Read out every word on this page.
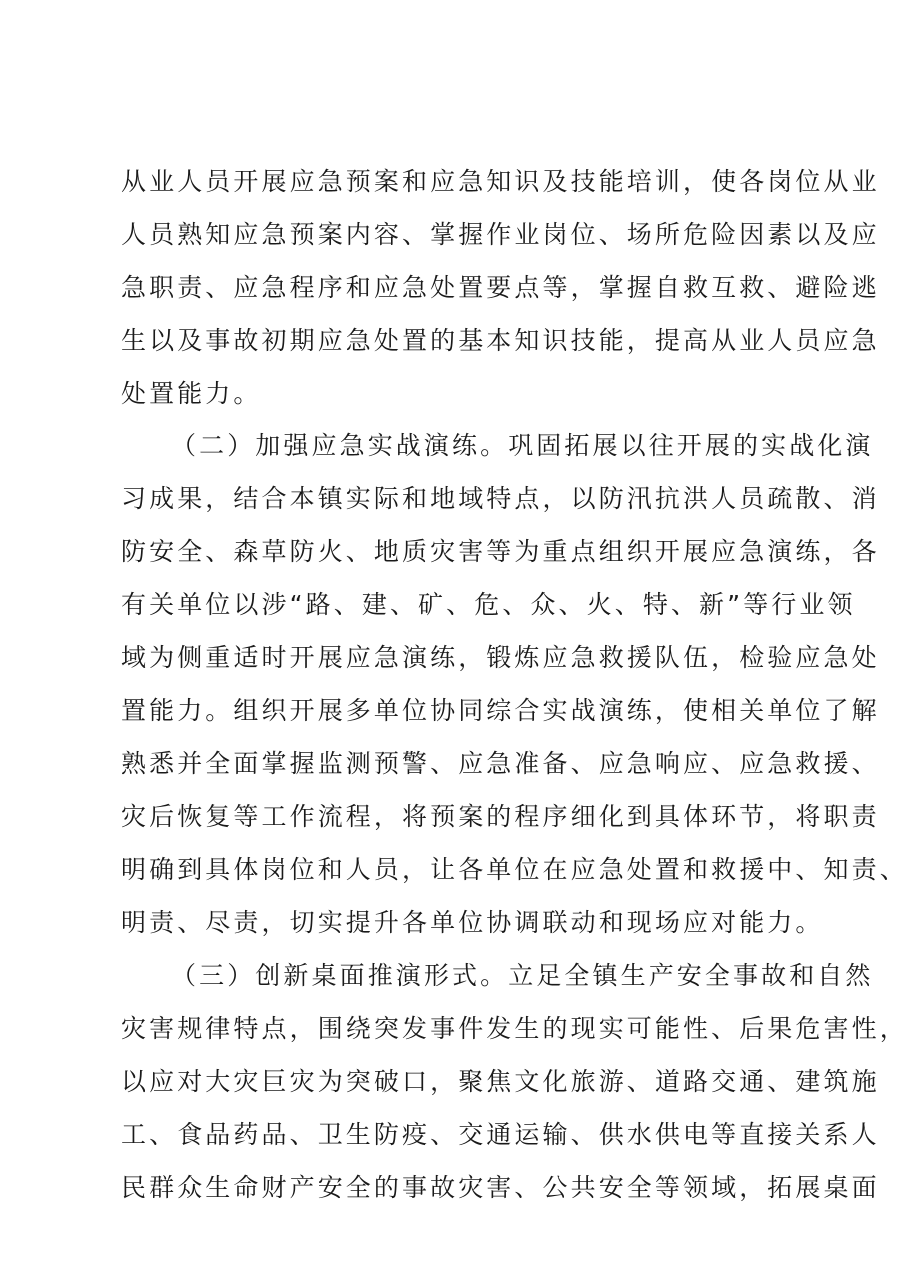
从业人员开展应急预案和应急知识及技能培训，使各岗位从业
人员熟知应急预案内容、掌握作业岗位、场所危险因素以及应
急职责、应急程序和应急处置要点等，掌握自救互救、避险逃
生以及事故初期应急处置的基本知识技能，提高从业人员应急
处置能力。
（二）加强应急实战演练。巩固拓展以往开展的实战化演
习成果，结合本镇实际和地域特点，以防汛抗洪人员疏散、消
防安全、森草防火、地质灾害等为重点组织开展应急演练，各
有关单位以涉“路、建、矿、危、众、火、特、新”等行业领
域为侧重适时开展应急演练，锻炼应急救援队伍，检验应急处
置能力。组织开展多单位协同综合实战演练，使相关单位了解
熟悉并全面掌握监测预警、应急准备、应急响应、应急救援、
灾后恢复等工作流程，将预案的程序细化到具体环节，将职责
明确到具体岗位和人员，让各单位在应急处置和救援中、知责、
明责、尽责，切实提升各单位协调联动和现场应对能力。
（三）创新桌面推演形式。立足全镇生产安全事故和自然
灾害规律特点，围绕突发事件发生的现实可能性、后果危害性，
以应对大灾巨灾为突破口，聚焦文化旅游、道路交通、建筑施
工、食品药品、卫生防疫、交通运输、供水供电等直接关系人
民群众生命财产安全的事故灾害、公共安全等领域，拓展桌面
